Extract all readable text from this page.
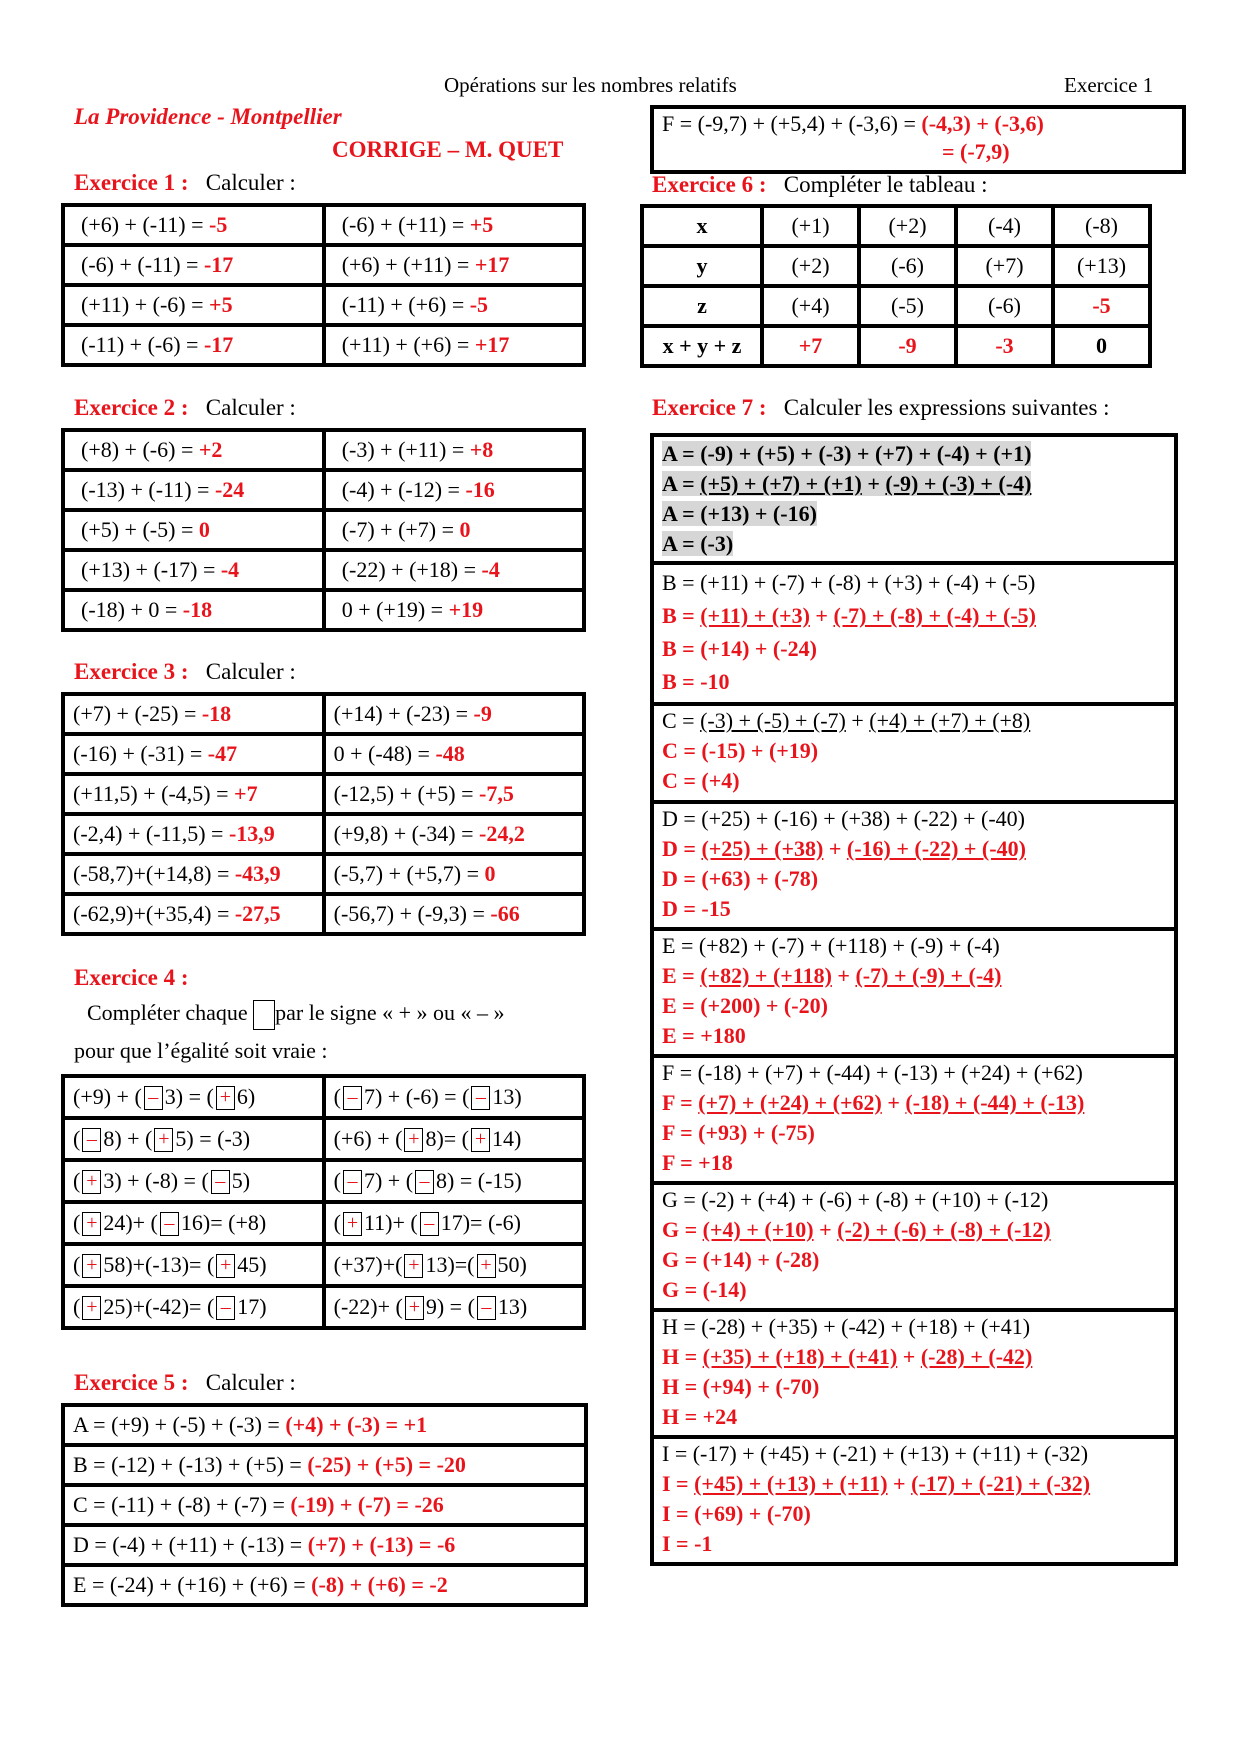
Opérations sur les nombres relatifs	Exercice 1
La Providence - Montpellier
CORRIGE – M. QUET
F = (-9,7) + (+5,4) + (-3,6) = (-4,3) + (-3,6)
= (-7,9)
Exercice 1 : Calculer :
(+6) + (-11) = -5	(-6) + (+11) = +5
(-6) + (-11) = -17	(+6) + (+11) = +17
(+11) + (-6) = +5	(-11) + (+6) = -5
(-11) + (-6) = -17	(+11) + (+6) = +17
Exercice 2 : Calculer :
(+8) + (-6) = +2	(-3) + (+11) = +8
(-13) + (-11) = -24	(-4) + (-12) = -16
(+5) + (-5) = 0	(-7) + (+7) = 0
(+13) + (-17) = -4	(-22) + (+18) = -4
(-18) + 0 = -18	0 + (+19) = +19
Exercice 3 : Calculer :
(+7) + (-25) = -18	(+14) + (-23) = -9
(-16) + (-31) = -47	0 + (-48) = -48
(+11,5) + (-4,5) = +7	(-12,5) + (+5) = -7,5
(-2,4) + (-11,5) = -13,9	(+9,8) + (-34) = -24,2
(-58,7)+(+14,8) = -43,9	(-5,7) + (+5,7) = 0
(-62,9)+(+35,4) = -27,5	(-56,7) + (-9,3) = -66
Exercice 4 :
Compléter chaque par le signe « + » ou « – »
pour que l’égalité soit vraie :
(+9) + ( – 3) = ( + 6)	( – 7) + (-6) = ( – 13)
( – 8) + ( + 5) = (-3)	(+6) + ( + 8)= ( + 14)
( + 3) + (-8) = ( – 5)	( – 7) + ( – 8) = (-15)
( + 24)+ ( – 16)= (+8)	( + 11)+ ( – 17)= (-6)
( + 58)+(-13)= ( + 45)	(+37)+( + 13)=( + 50)
( + 25)+(-42)= ( – 17)	(-22)+ ( + 9) = ( – 13)
Exercice 5 : Calculer :
A = (+9) + (-5) + (-3) = (+4) + (-3) = +1
B = (-12) + (-13) + (+5) = (-25) + (+5) = -20
C = (-11) + (-8) + (-7) = (-19) + (-7) = -26
D = (-4) + (+11) + (-13) = (+7) + (-13) = -6
E = (-24) + (+16) + (+6) = (-8) + (+6) = -2
Exercice 6 : Compléter le tableau :
x	(+1)	(+2)	(-4)	(-8)
y	(+2)	(-6)	(+7)	(+13)
z	(+4)	(-5)	(-6)	-5
x + y + z	+7	-9	-3	0
Exercice 7 : Calculer les expressions suivantes :
A = (-9) + (+5) + (-3) + (+7) + (-4) + (+1)
A = (+5) + (+7) + (+1) + (-9) + (-3) + (-4)
A = (+13) + (-16)
A = (-3)
B = (+11) + (-7) + (-8) + (+3) + (-4) + (-5)
B = (+11) + (+3) + (-7) + (-8) + (-4) + (-5)
B = (+14) + (-24)
B = -10
C = (-3) + (-5) + (-7) + (+4) + (+7) + (+8)
C = (-15) + (+19)
C = (+4)
D = (+25) + (-16) + (+38) + (-22) + (-40)
D = (+25) + (+38) + (-16) + (-22) + (-40)
D = (+63) + (-78)
D = -15
E = (+82) + (-7) + (+118) + (-9) + (-4)
E = (+82) + (+118) + (-7) + (-9) + (-4)
E = (+200) + (-20)
E = +180
F = (-18) + (+7) + (-44) + (-13) + (+24) + (+62)
F = (+7) + (+24) + (+62) + (-18) + (-44) + (-13)
F = (+93) + (-75)
F = +18
G = (-2) + (+4) + (-6) + (-8) + (+10) + (-12)
G = (+4) + (+10) + (-2) + (-6) + (-8) + (-12)
G = (+14) + (-28)
G = (-14)
H = (-28) + (+35) + (-42) + (+18) + (+41)
H = (+35) + (+18) + (+41) + (-28) + (-42)
H = (+94) + (-70)
H = +24
I = (-17) + (+45) + (-21) + (+13) + (+11) + (-32)
I = (+45) + (+13) + (+11) + (-17) + (-21) + (-32)
I = (+69) + (-70)
I = -1
